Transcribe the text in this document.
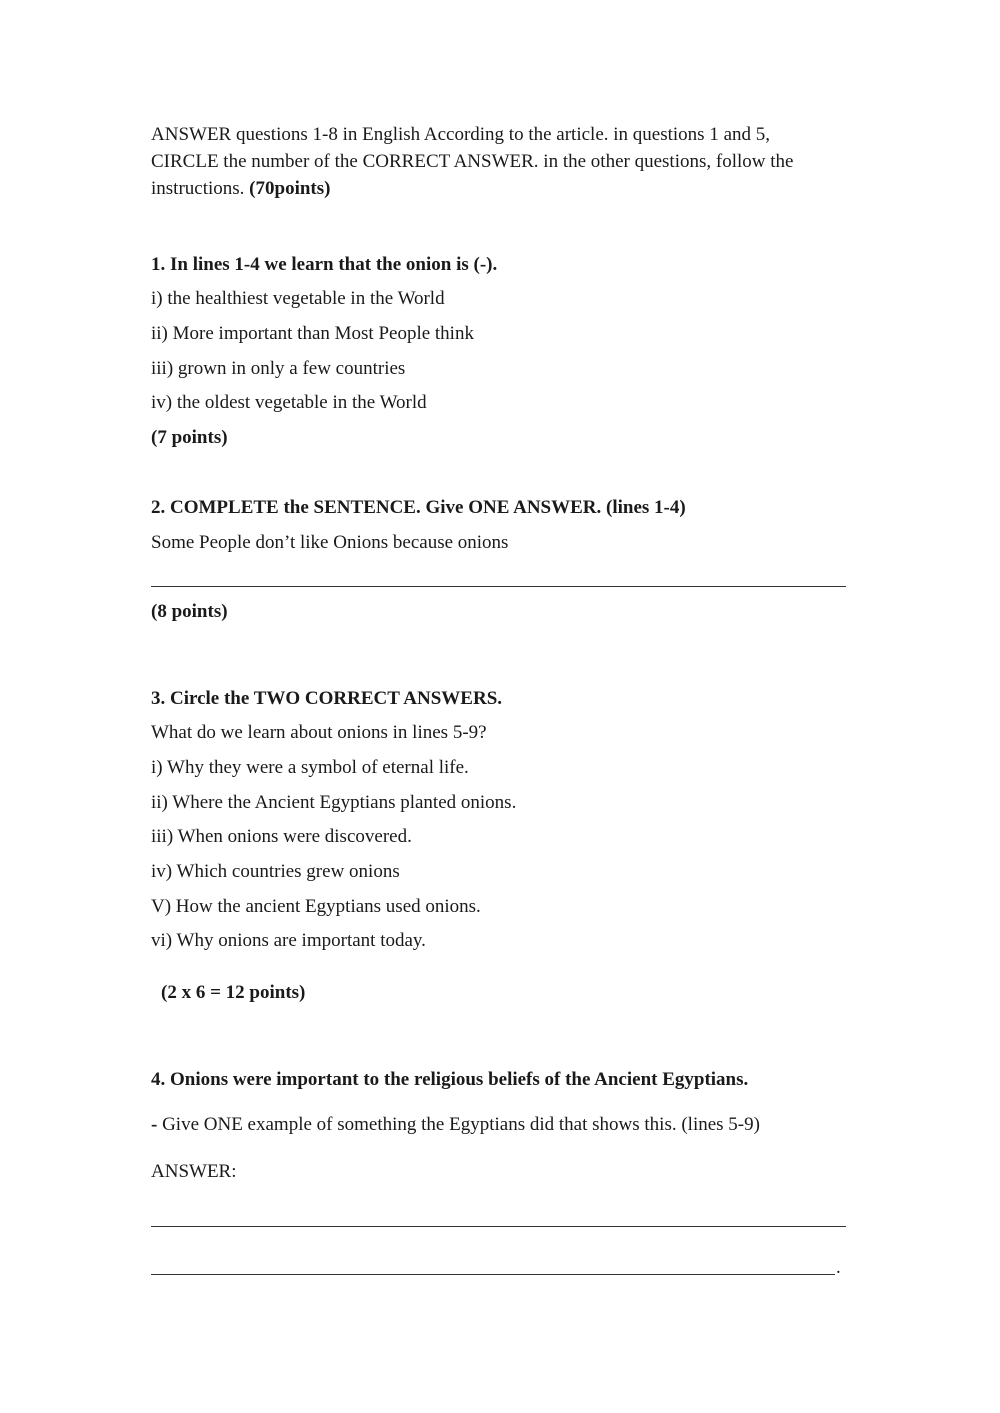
ANSWER questions 1-8 in English According to the article. in questions 1 and 5,
CIRCLE the number of the CORRECT ANSWER. in the other questions, follow the
instructions. (70points)
1. In lines 1-4 we learn that the onion is (-).
i) the healthiest vegetable in the World
ii) More important than Most People think
iii) grown in only a few countries
iv) the oldest vegetable in the World
(7 points)
2. COMPLETE the SENTENCE. Give ONE ANSWER. (lines 1-4)
Some People don’t like Onions because onions
(8 points)
3. Circle the TWO CORRECT ANSWERS.
What do we learn about onions in lines 5-9?
i) Why they were a symbol of eternal life.
ii) Where the Ancient Egyptians planted onions.
iii) When onions were discovered.
iv) Which countries grew onions
V) How the ancient Egyptians used onions.
vi) Why onions are important today.
(2 x 6 = 12 points)
4. Onions were important to the religious beliefs of the Ancient Egyptians.
- Give ONE example of something the Egyptians did that shows this. (lines 5-9)
ANSWER:
.
